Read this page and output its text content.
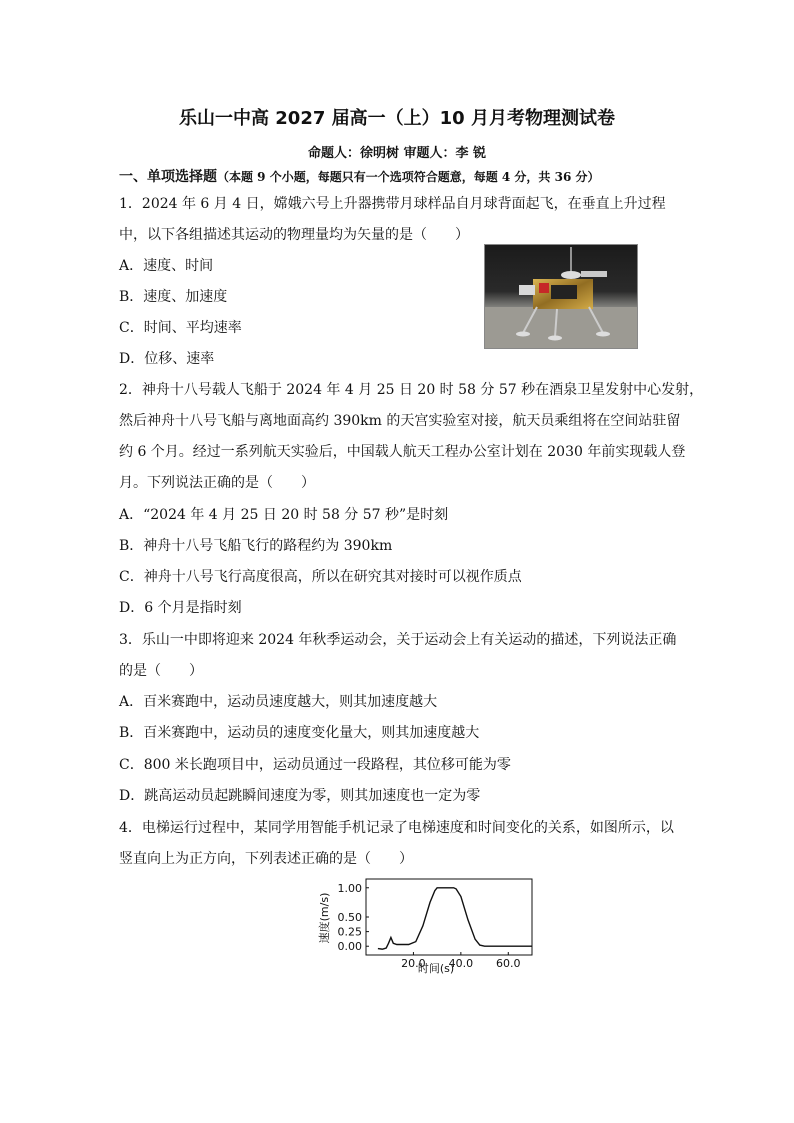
乐山一中高 2027 届高一（上）10 月月考物理测试卷
命题人：徐明树 审题人：李 锐
一、单项选择题（本题 9 个小题，每题只有一个选项符合题意，每题 4 分，共 36 分）
1．2024 年 6 月 4 日，嫦娥六号上升器携带月球样品自月球背面起飞，在垂直上升过程
中，以下各组描述其运动的物理量均为矢量的是（　　）
A．速度、时间
B．速度、加速度
C．时间、平均速率
D．位移、速率
2．神舟十八号载人飞船于 2024 年 4 月 25 日 20 时 58 分 57 秒在酒泉卫星发射中心发射，
然后神舟十八号飞船与离地面高约 390km 的天宫实验室对接，航天员乘组将在空间站驻留
约 6 个月。经过一系列航天实验后，中国载人航天工程办公室计划在 2030 年前实现载人登
月。下列说法正确的是（　　）
A．“2024 年 4 月 25 日 20 时 58 分 57 秒”是时刻
B．神舟十八号飞船飞行的路程约为 390km
C．神舟十八号飞行高度很高，所以在研究其对接时可以视作质点
D．6 个月是指时刻
3．乐山一中即将迎来 2024 年秋季运动会，关于运动会上有关运动的描述，下列说法正确
的是（　　）
A．百米赛跑中，运动员速度越大，则其加速度越大
B．百米赛跑中，运动员的速度变化量大，则其加速度越大
C．800 米长跑项目中，运动员通过一段路程，其位移可能为零
D．跳高运动员起跳瞬间速度为零，则其加速度也一定为零
4．电梯运行过程中，某同学用智能手机记录了电梯速度和时间变化的关系，如图所示，以
竖直向上为正方向，下列表述正确的是（　　）
1.00
0.50
0.25
0.00
20.0 40.0 60.0
时间(s)
速度(m/s)
